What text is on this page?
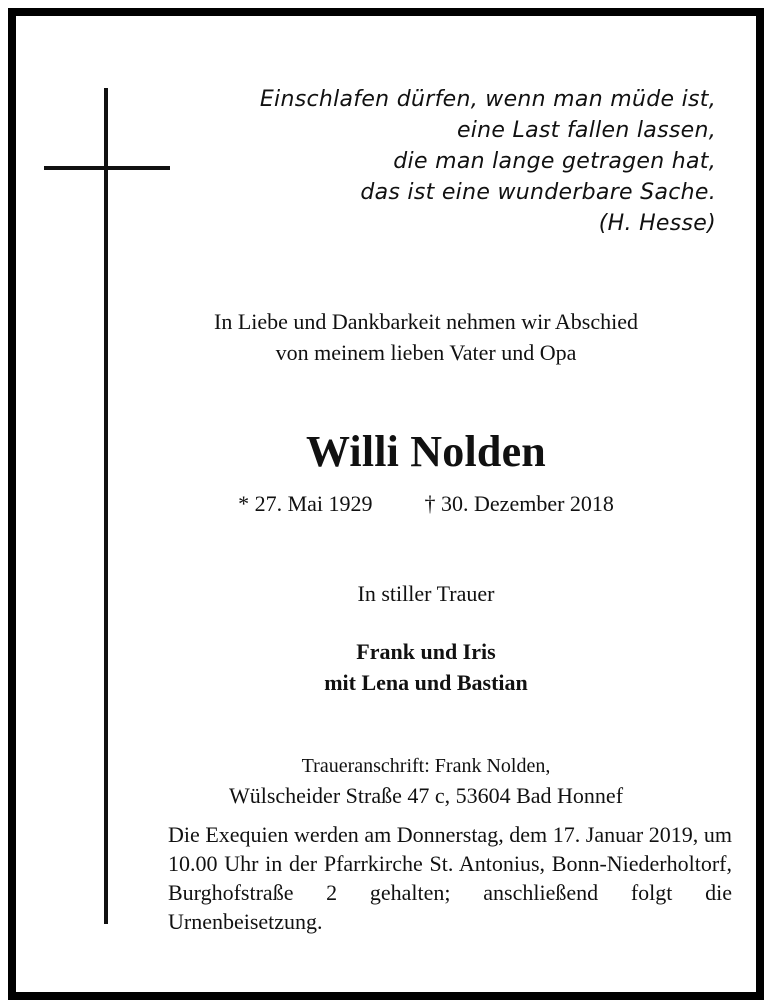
Einschlafen dürfen, wenn man müde ist,
eine Last fallen lassen,
die man lange getragen hat,
das ist eine wunderbare Sache.
(H. Hesse)
In Liebe und Dankbarkeit nehmen wir Abschied
von meinem lieben Vater und Opa
Willi Nolden
* 27. Mai 1929 † 30. Dezember 2018
In stiller Trauer
Frank und Iris
mit Lena und Bastian
Traueranschrift: Frank Nolden,
Wülscheider Straße 47 c, 53604 Bad Honnef
Die Exequien werden am Donnerstag, dem 17. Januar 2019, um 10.00 Uhr in der Pfarrkirche St. Antonius, Bonn-Niederholtorf, Burghofstraße 2 gehalten; anschließend folgt die Urnenbeisetzung.
